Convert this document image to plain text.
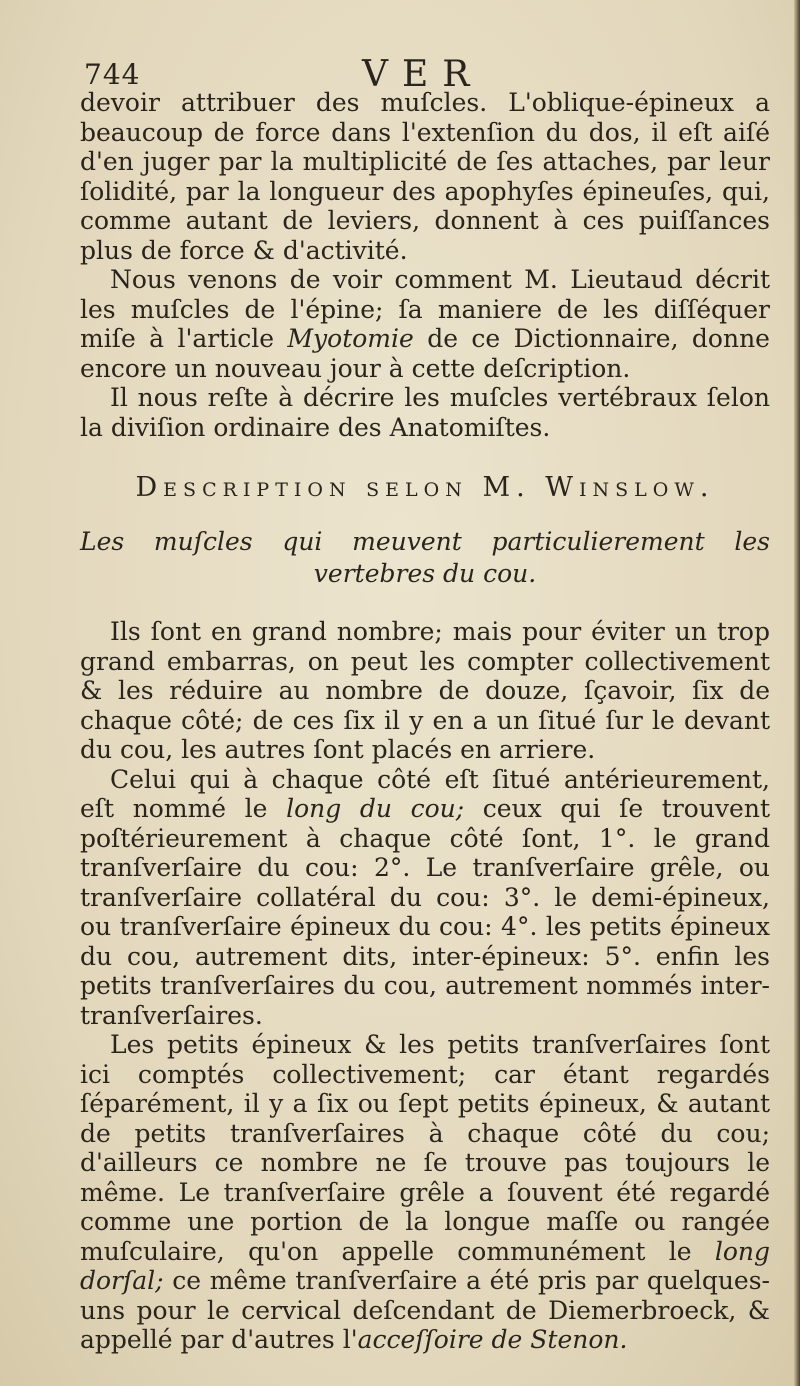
744	VER

devoir attribuer des muſcles. L'oblique-épineux a beaucoup de force dans l'extenſion du dos, il eſt aiſé d'en juger par la multiplicité de ſes attaches, par leur ſolidité, par la longueur des apophyſes épineuſes, qui, comme autant de leviers, donnent à ces puiſſances plus de force & d'activité.

Nous venons de voir comment M. Lieutaud décrit les muſcles de l'épine; ſa maniere de les diſſéquer miſe à l'article Myotomie de ce Dictionnaire, donne encore un nouveau jour à cette deſcription.

Il nous reſte à décrire les muſcles vertébraux ſelon la diviſion ordinaire des Anatomiſtes.

Description selon M. Winslow.

Les muſcles qui meuvent particulierement les vertebres du cou.

Ils ſont en grand nombre; mais pour éviter un trop grand embarras, on peut les compter collectivement & les réduire au nombre de douze, ſçavoir, ſix de chaque côté; de ces ſix il y en a un ſitué ſur le devant du cou, les autres ſont placés en arriere.

Celui qui à chaque côté eſt ſitué antérieurement, eſt nommé le long du cou; ceux qui ſe trouvent poſtérieurement à chaque côté ſont, 1°. le grand tranſverſaire du cou: 2°. Le tranſverſaire grêle, ou tranſverſaire collatéral du cou: 3°. le demi-épineux, ou tranſverſaire épineux du cou: 4°. les petits épineux du cou, autrement dits, inter-épineux: 5°. enfin les petits tranſverſaires du cou, autrement nommés inter-tranſverſaires.

Les petits épineux & les petits tranſverſaires ſont ici comptés collectivement; car étant regardés ſéparément, il y a ſix ou ſept petits épineux, & autant de petits tranſverſaires à chaque côté du cou; d'ailleurs ce nombre ne ſe trouve pas toujours le même. Le tranſverſaire grêle a ſouvent été regardé comme une portion de la longue maſſe ou rangée muſculaire, qu'on appelle communément le long dorſal; ce même tranſverſaire a été pris par quelques-uns pour le cervical deſcendant de Diemerbroeck, & appellé par d'autres l'acceſſoire de Stenon.
